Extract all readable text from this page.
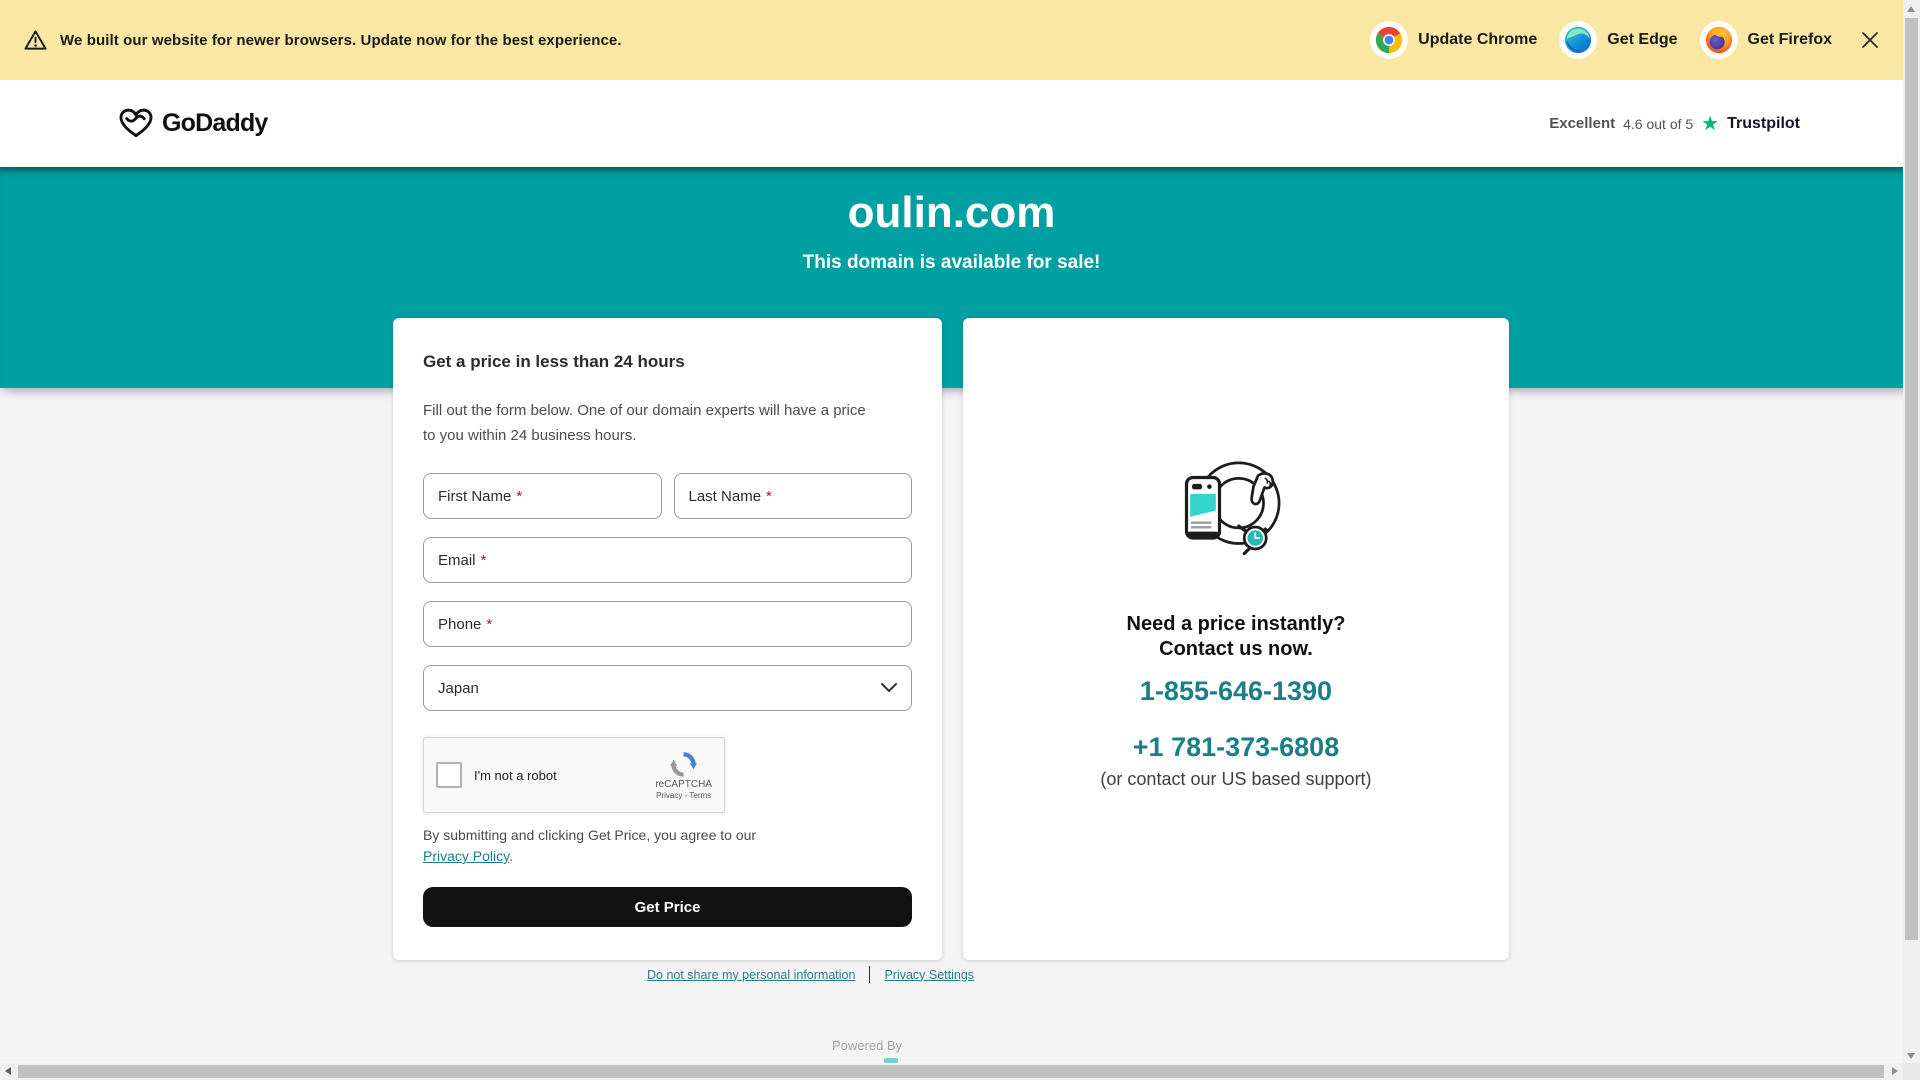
We built our website for newer browsers. Update now for the best experience.	Update Chrome	Get Edge	Get Firefox
GoDaddy	Excellent 4.6 out of 5 ★ Trustpilot
oulin.com
This domain is available for sale!
Get a price in less than 24 hours
Fill out the form below. One of our domain experts will have a price
to you within 24 business hours.
First Name *	Last Name *
Email *
Phone *
Japan
I'm not a robot
reCAPTCHA
Privacy - Terms
By submitting and clicking Get Price, you agree to our
Privacy Policy.
Get Price
Need a price instantly?
Contact us now.
1-855-646-1390
+1 781-373-6808
(or contact our US based support)
Do not share my personal information Privacy Settings
Powered By
